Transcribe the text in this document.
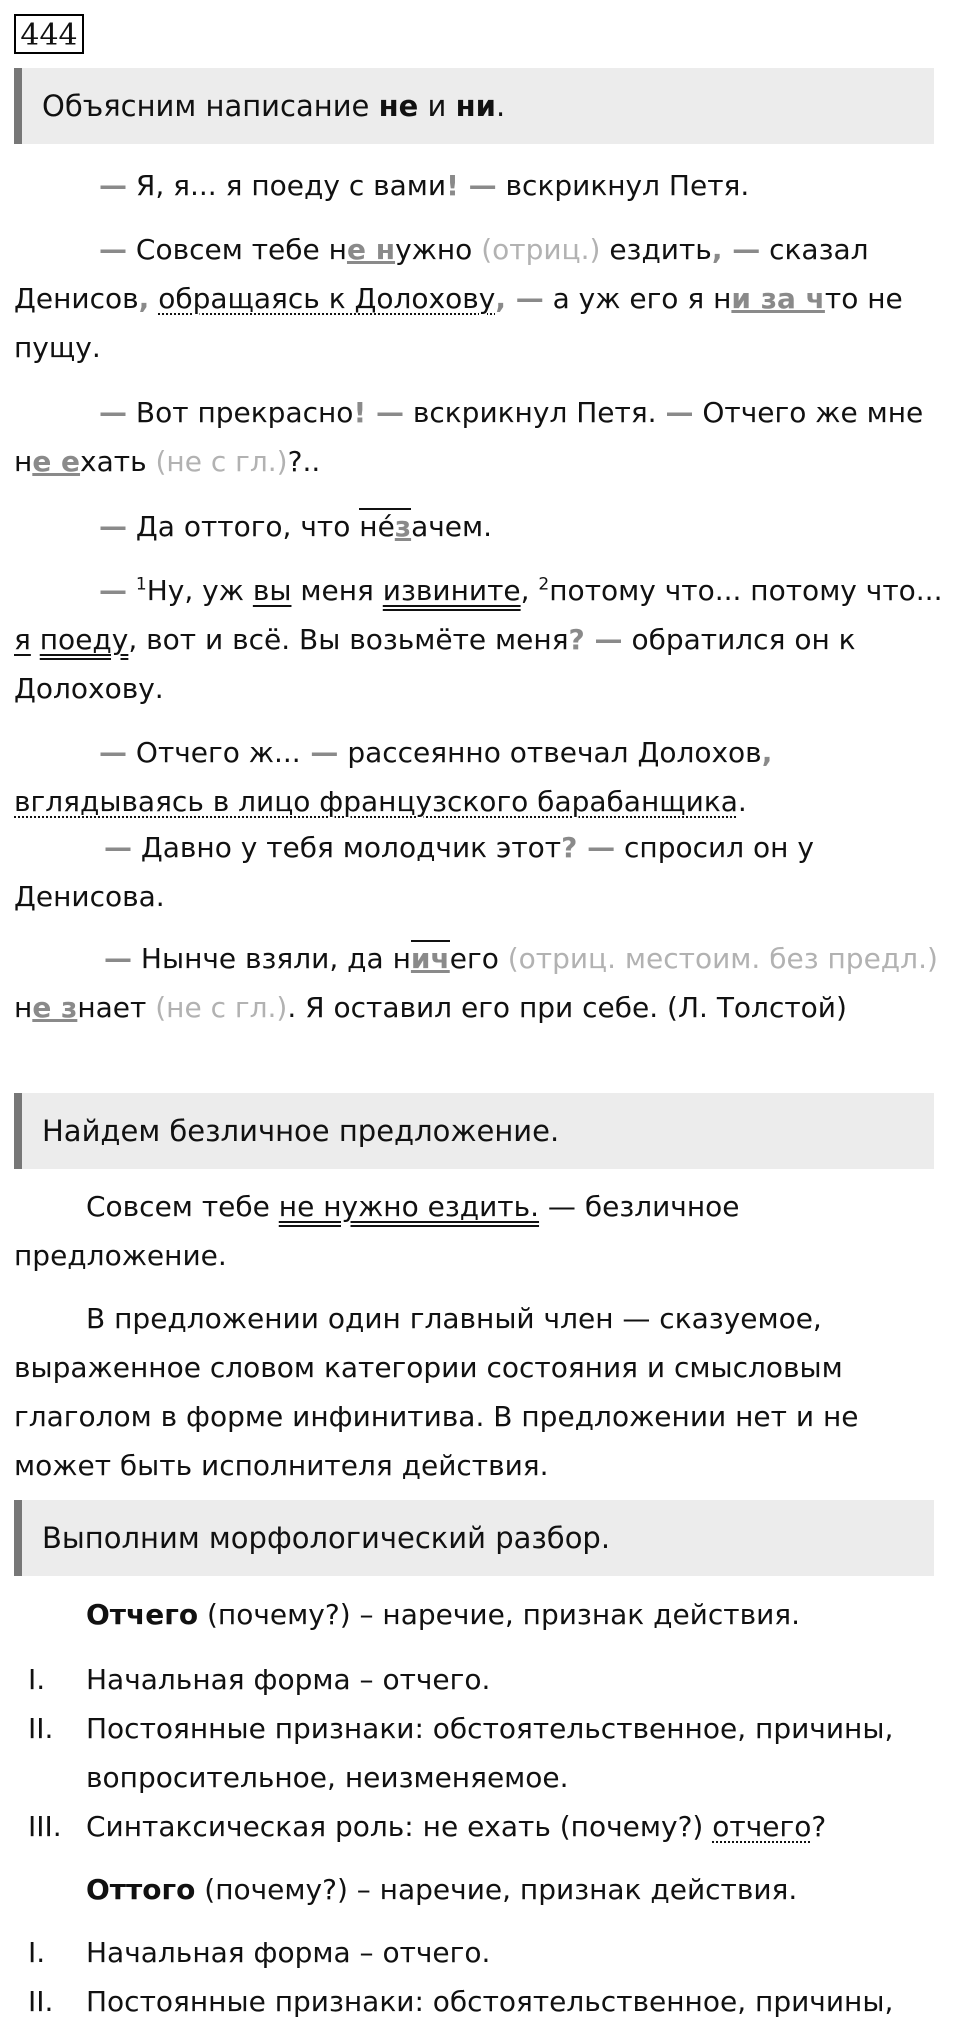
444
Объясним написание не и ни.

— Я, я... я поеду с вами! — вскрикнул Петя.

— Совсем тебе не нужно (отриц.) ездить, — сказал Денисов, обращаясь к Долохову, — а уж его я ни за что не пущу.

— Вот прекрасно! — вскрикнул Петя. — Отчего же мне не ехать (не с гл.)?..

— Да оттого, что нéзачем.

— $^1$Ну, уж вы меня извините, $^2$потому что... потому что... я поеду, вот и всё. Вы возьмёте меня? — обратился он к Долохову.

— Отчего ж... — рассеянно отвечал Долохов, вглядываясь в лицо французского барабанщика.

— Давно у тебя молодчик этот? — спросил он у Денисова.

— Нынче взяли, да ничего (отриц. местоим. без предл.) не знает (не с гл.). Я оставил его при себе. (Л. Толстой)

Найдем безличное предложение.

Совсем тебе не нужно ездить. — безличное предложение.

В предложении один главный член — сказуемое, выраженное словом категории состояния и смысловым глаголом в форме инфинитива. В предложении нет и не может быть исполнителя действия.

Выполним морфологический разбор.

Отчего (почему?) – наречие, признак действия.

I.	Начальная форма – отчего.
II.	Постоянные признаки: обстоятельственное, причины, вопросительное, неизменяемое.
III. Синтаксическая роль: не ехать (почему?) отчего?

Оттого (почему?) – наречие, признак действия.

I.	Начальная форма – отчего.
II.	Постоянные признаки: обстоятельственное, причины,
